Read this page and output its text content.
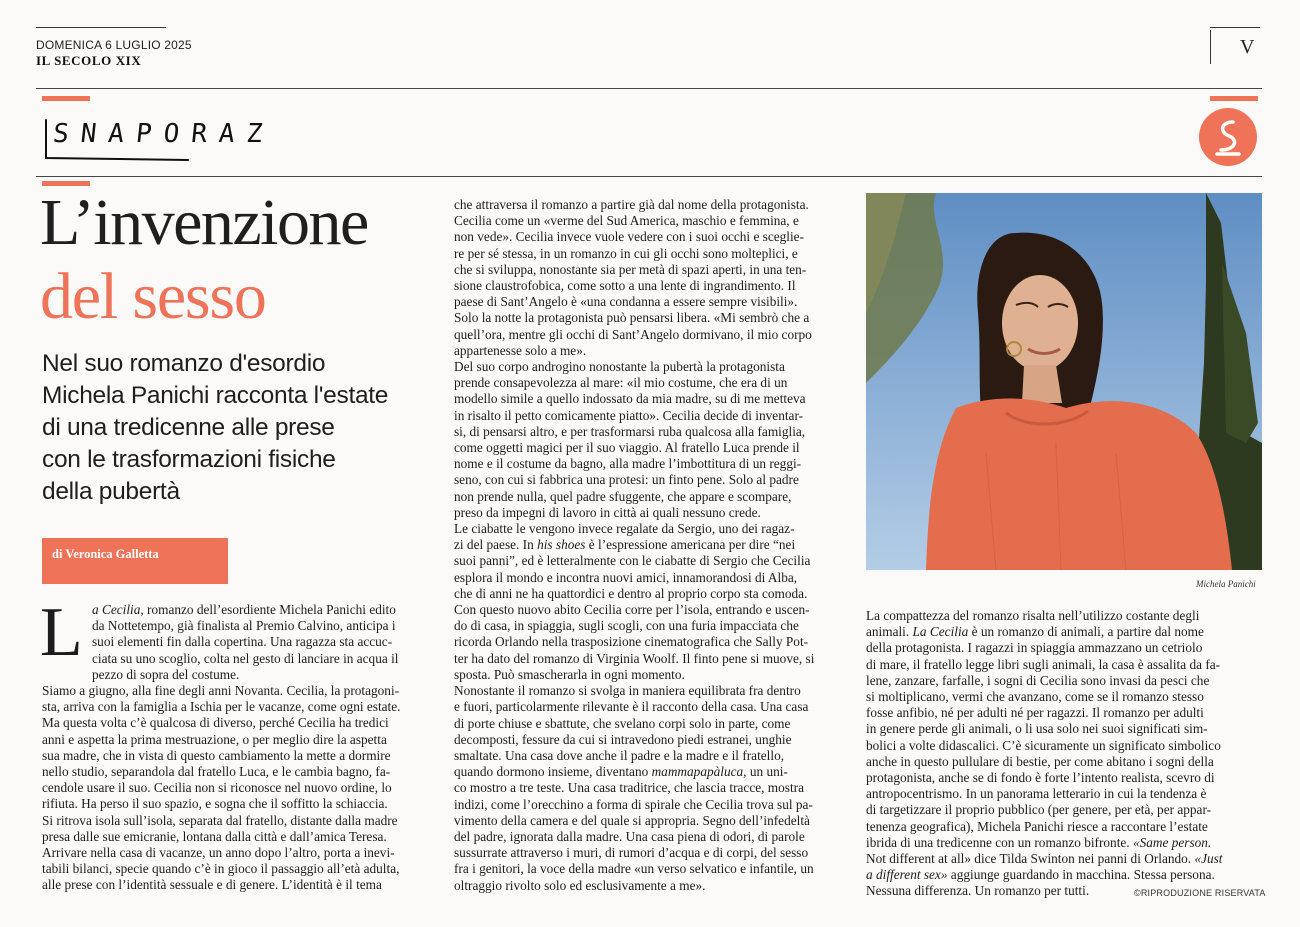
DOMENICA 6 LUGLIO 2025
IL SECOLO XIX
V
SNAPORAZ
L’invenzione
del sesso

Nel suo romanzo d'esordio

Michela Panichi racconta l'estate

di una tredicenne alle prese

con le trasformazioni fisiche

della pubertà

di Veronica Galletta
L a Cecilia, romanzo dell’esordiente Michela Panichi edito

da Nottetempo, già finalista al Premio Calvino, anticipa i

suoi elementi fin dalla copertina. Una ragazza sta accuc-

ciata su uno scoglio, colta nel gesto di lanciare in acqua il

pezzo di sopra del costume.

Siamo a giugno, alla fine degli anni Novanta. Cecilia, la protagoni-

sta, arriva con la famiglia a Ischia per le vacanze, come ogni estate.

Ma questa volta c’è qualcosa di diverso, perché Cecilia ha tredici

anni e aspetta la prima mestruazione, o per meglio dire la aspetta

sua madre, che in vista di questo cambiamento la mette a dormire

nello studio, separandola dal fratello Luca, e le cambia bagno, fa-

cendole usare il suo. Cecilia non si riconosce nel nuovo ordine, lo

rifiuta. Ha perso il suo spazio, e sogna che il soffitto la schiaccia.

Si ritrova isola sull’isola, separata dal fratello, distante dalla madre

presa dalle sue emicranie, lontana dalla città e dall’amica Teresa.

Arrivare nella casa di vacanze, un anno dopo l’altro, porta a inevi-

tabili bilanci, specie quando c’è in gioco il passaggio all’età adulta,

alle prese con l’identità sessuale e di genere. L’identità è il tema

che attraversa il romanzo a partire già dal nome della protagonista.

Cecilia come un «verme del Sud America, maschio e femmina, e

non vede». Cecilia invece vuole vedere con i suoi occhi e sceglie-

re per sé stessa, in un romanzo in cui gli occhi sono molteplici, e

che si sviluppa, nonostante sia per metà di spazi aperti, in una ten-

sione claustrofobica, come sotto a una lente di ingrandimento. Il

paese di Sant’Angelo è «una condanna a essere sempre visibili».

Solo la notte la protagonista può pensarsi libera. «Mi sembrò che a

quell’ora, mentre gli occhi di Sant’Angelo dormivano, il mio corpo

appartenesse solo a me».

Del suo corpo androgino nonostante la pubertà la protagonista

prende consapevolezza al mare: «il mio costume, che era di un

modello simile a quello indossato da mia madre, su di me metteva

in risalto il petto comicamente piatto». Cecilia decide di inventar-

si, di pensarsi altro, e per trasformarsi ruba qualcosa alla famiglia,

come oggetti magici per il suo viaggio. Al fratello Luca prende il

nome e il costume da bagno, alla madre l’imbottitura di un reggi-

seno, con cui si fabbrica una protesi: un finto pene. Solo al padre

non prende nulla, quel padre sfuggente, che appare e scompare,

preso da impegni di lavoro in città ai quali nessuno crede.

Le ciabatte le vengono invece regalate da Sergio, uno dei ragaz-

zi del paese. In his shoes è l’espressione americana per dire “nei

suoi panni”, ed è letteralmente con le ciabatte di Sergio che Cecilia

esplora il mondo e incontra nuovi amici, innamorandosi di Alba,

che di anni ne ha quattordici e dentro al proprio corpo sta comoda.

Con questo nuovo abito Cecilia corre per l’isola, entrando e uscen-

do di casa, in spiaggia, sugli scogli, con una furia impacciata che

ricorda Orlando nella trasposizione cinematografica che Sally Pot-

ter ha dato del romanzo di Virginia Woolf. Il finto pene si muove, si

sposta. Può smascherarla in ogni momento.

Nonostante il romanzo si svolga in maniera equilibrata fra dentro

e fuori, particolarmente rilevante è il racconto della casa. Una casa

di porte chiuse e sbattute, che svelano corpi solo in parte, come

decomposti, fessure da cui si intravedono piedi estranei, unghie

smaltate. Una casa dove anche il padre e la madre e il fratello,

quando dormono insieme, diventano mammapapàluca, un uni-

co mostro a tre teste. Una casa traditrice, che lascia tracce, mostra

indizi, come l’orecchino a forma di spirale che Cecilia trova sul pa-

vimento della camera e del quale si appropria. Segno dell’infedeltà

del padre, ignorata dalla madre. Una casa piena di odori, di parole

sussurrate attraverso i muri, di rumori d’acqua e di corpi, del sesso

fra i genitori, la voce della madre «un verso selvatico e infantile, un

oltraggio rivolto solo ed esclusivamente a me».

Michela Panichi

La compattezza del romanzo risalta nell’utilizzo costante degli

animali. La Cecilia è un romanzo di animali, a partire dal nome

della protagonista. I ragazzi in spiaggia ammazzano un cetriolo

di mare, il fratello legge libri sugli animali, la casa è assalita da fa-

lene, zanzare, farfalle, i sogni di Cecilia sono invasi da pesci che

si moltiplicano, vermi che avanzano, come se il romanzo stesso

fosse anfibio, né per adulti né per ragazzi. Il romanzo per adulti

in genere perde gli animali, o li usa solo nei suoi significati sim-

bolici a volte didascalici. C’è sicuramente un significato simbolico

anche in questo pullulare di bestie, per come abitano i sogni della

protagonista, anche se di fondo è forte l’intento realista, scevro di

antropocentrismo. In un panorama letterario in cui la tendenza è

di targetizzare il proprio pubblico (per genere, per età, per appar-

tenenza geografica), Michela Panichi riesce a raccontare l’estate

ibrida di una tredicenne con un romanzo bifronte. «Same person.

Not different at all» dice Tilda Swinton nei panni di Orlando. «Just

a different sex» aggiunge guardando in macchina. Stessa persona.

Nessuna differenza. Un romanzo per tutti.	©RIPRODUZIONE RISERVATA
